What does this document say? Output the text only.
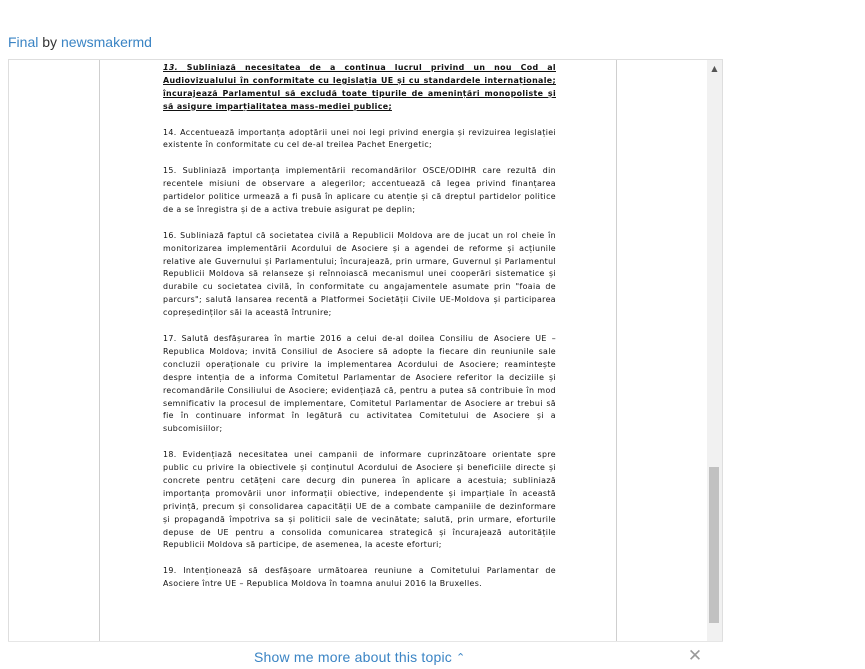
Final by newsmakermd

13. Subliniază necesitatea de a continua lucrul privind un nou Cod al Audiovizualului în conformitate cu legislația UE și cu standardele internaționale; încurajează Parlamentul să excludă toate tipurile de amenințări monopoliste și să asigure imparțialitatea mass-mediei publice;

14. Accentuează importanța adoptării unei noi legi privind energia și revizuirea legislației existente în conformitate cu cel de-al treilea Pachet Energetic;

15. Subliniază importanța implementării recomandărilor OSCE/ODIHR care rezultă din recentele misiuni de observare a alegerilor; accentuează că legea privind finanțarea partidelor politice urmează a fi pusă în aplicare cu atenție și că dreptul partidelor politice de a se înregistra și de a activa trebuie asigurat pe deplin;

16. Subliniază faptul că societatea civilă a Republicii Moldova are de jucat un rol cheie în monitorizarea implementării Acordului de Asociere și a agendei de reforme și acțiunile relative ale Guvernului și Parlamentului; încurajează, prin urmare, Guvernul și Parlamentul Republicii Moldova să relanseze și reînnoiască mecanismul unei cooperări sistematice și durabile cu societatea civilă, în conformitate cu angajamentele asumate prin "foaia de parcurs"; salută lansarea recentă a Platformei Societății Civile UE-Moldova și participarea copreședinților săi la această întrunire;

17. Salută desfășurarea în martie 2016 a celui de-al doilea Consiliu de Asociere UE – Republica Moldova; invită Consiliul de Asociere să adopte la fiecare din reuniunile sale concluzii operaționale cu privire la implementarea Acordului de Asociere; reamintește despre intenția de a informa Comitetul Parlamentar de Asociere referitor la deciziile și recomandările Consiliului de Asociere; evidențiază că, pentru a putea să contribuie în mod semnificativ la procesul de implementare, Comitetul Parlamentar de Asociere ar trebui să fie în continuare informat în legătură cu activitatea Comitetului de Asociere și a subcomisiilor;

18. Evidențiază necesitatea unei campanii de informare cuprinzătoare orientate spre public cu privire la obiectivele și conținutul Acordului de Asociere și beneficiile directe și concrete pentru cetățeni care decurg din punerea în aplicare a acestuia; subliniază importanța promovării unor informații obiective, independente și imparțiale în această privință, precum și consolidarea capacității UE de a combate campaniile de dezinformare și propagandă împotriva sa și politicii sale de vecinătate; salută, prin urmare, eforturile depuse de UE pentru a consolida comunicarea strategică și încurajează autoritățile Republicii Moldova să participe, de asemenea, la aceste eforturi;

19. Intenționează să desfășoare următoarea reuniune a Comitetului Parlamentar de Asociere între UE – Republica Moldova în toamna anului 2016 la Bruxelles.

▲
Show me more about this topic ⌃	✕
